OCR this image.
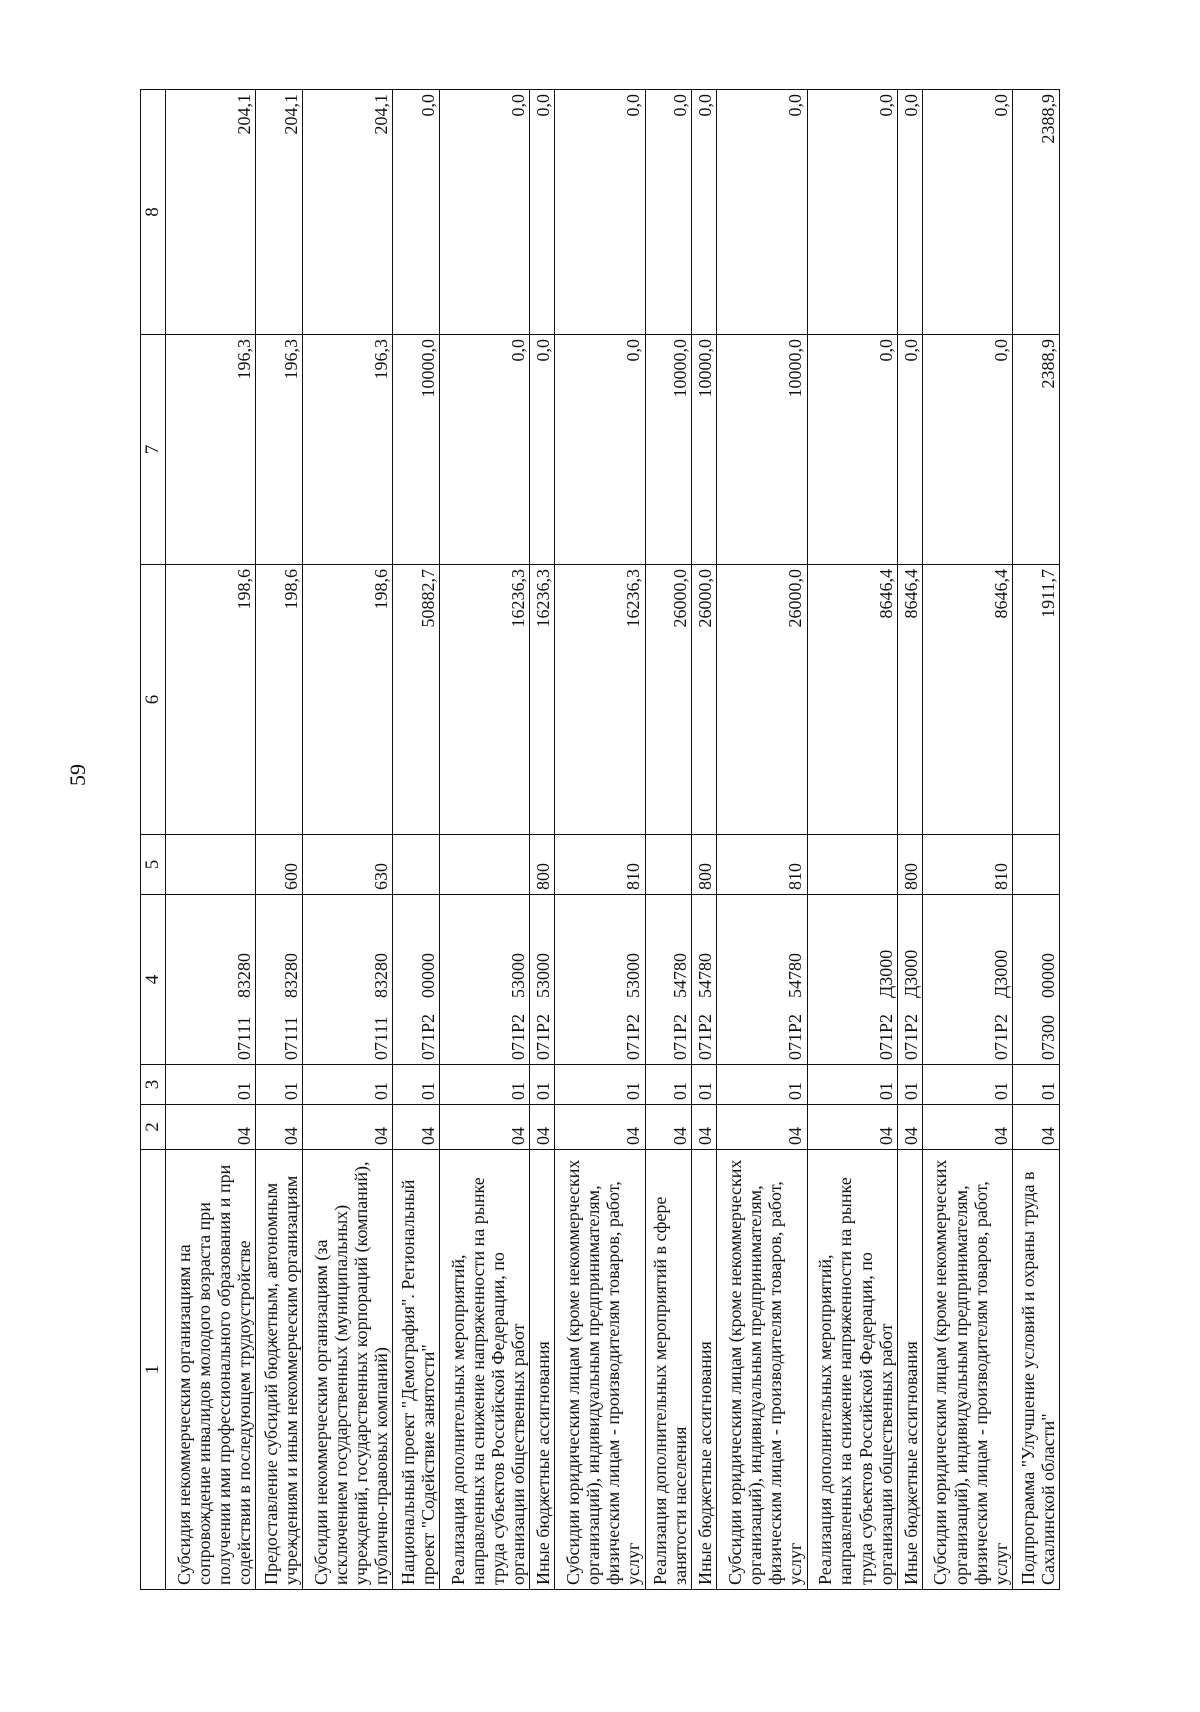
59
1	2	3	4	5	6	7	8
Субсидия некоммерческим организациям на сопровождение инвалидов молодого возраста при получении ими профессионального образования и при содействии в последующем трудоустройстве	04	01	0711183280		198,6	196,3	204,1
Предоставление субсидий бюджетным, автономным учреждениям и иным некоммерческим организациям	04	01	0711183280	600	198,6	196,3	204,1
Субсидии некоммерческим организациям (за исключением государственных (муниципальных) учреждений, государственных корпораций (компаний), публично-правовых компаний)	04	01	0711183280	630	198,6	196,3	204,1
Национальный проект "Демография". Региональный проект "Содействие занятости"	04	01	071P200000		50882,7	10000,0	0,0
Реализация дополнительных мероприятий, направленных на снижение напряженности на рынке труда субъектов Российской Федерации, по организации общественных работ	04	01	071P253000		16236,3	0,0	0,0
Иные бюджетные ассигнования	04	01	071P253000	800	16236,3	0,0	0,0
Субсидии юридическим лицам (кроме некоммерческих организаций), индивидуальным предпринимателям, физическим лицам - производителям товаров, работ, услуг	04	01	071P253000	810	16236,3	0,0	0,0
Реализация дополнительных мероприятий в сфере занятости населения	04	01	071P254780		26000,0	10000,0	0,0
Иные бюджетные ассигнования	04	01	071P254780	800	26000,0	10000,0	0,0
Субсидии юридическим лицам (кроме некоммерческих организаций), индивидуальным предпринимателям, физическим лицам - производителям товаров, работ, услуг	04	01	071P254780	810	26000,0	10000,0	0,0
Реализация дополнительных мероприятий, направленных на снижение напряженности на рынке труда субъектов Российской Федерации, по организации общественных работ	04	01	071P2Д3000		8646,4	0,0	0,0
Иные бюджетные ассигнования	04	01	071P2Д3000	800	8646,4	0,0	0,0
Субсидии юридическим лицам (кроме некоммерческих организаций), индивидуальным предпринимателям, физическим лицам - производителям товаров, работ, услуг	04	01	071P2Д3000	810	8646,4	0,0	0,0
Подпрограмма "Улучшение условий и охраны труда в Сахалинской области"	04	01	0730000000		1911,7	2388,9	2388,9
